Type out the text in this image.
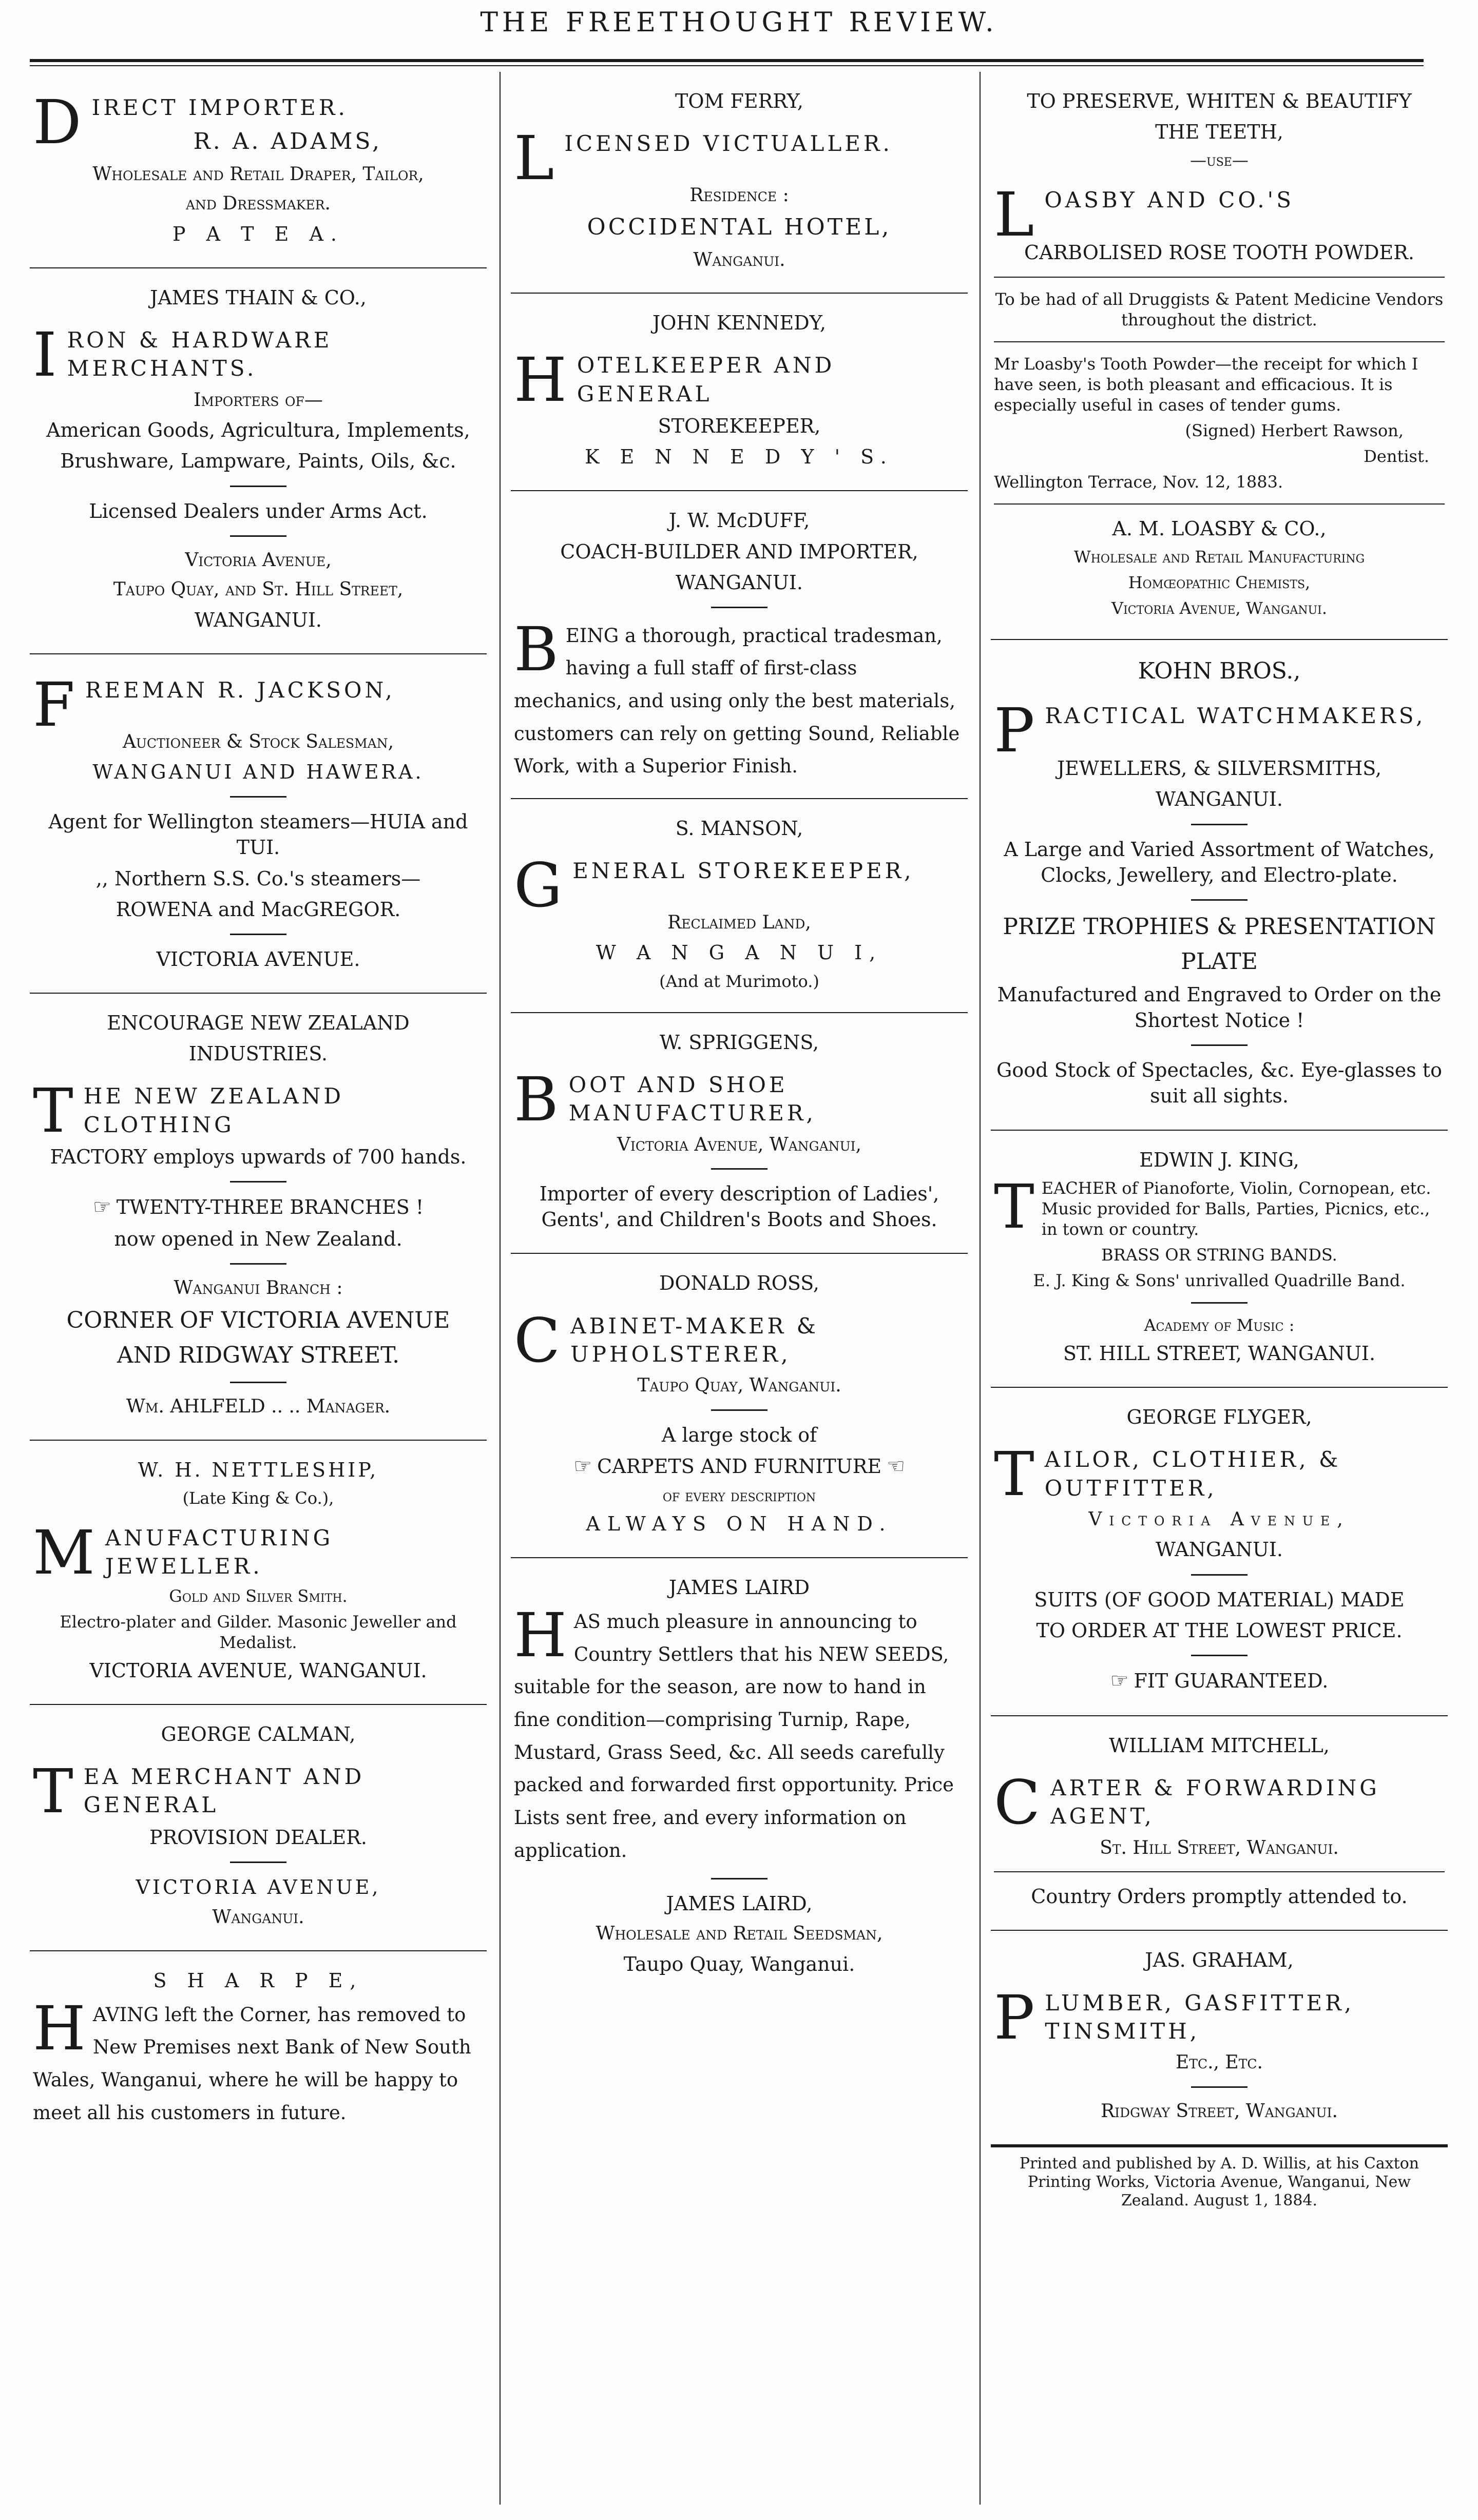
THE FREETHOUGHT REVIEW.
DIRECT IMPORTER.
R. A. ADAMS,
Wholesale and Retail Draper, Tailor,
and Dressmaker.
P A T E A.
JAMES THAIN & CO.,
IRON & HARDWARE MERCHANTS.
Importers of—
American Goods, Agricultura, Implements,
Brushware, Lampware, Paints, Oils, &c.
Licensed Dealers under Arms Act.
Victoria Avenue,
Taupo Quay, and St. Hill Street,
WANGANUI.
FREEMAN R. JACKSON,
Auctioneer & Stock Salesman,
WANGANUI AND HAWERA.
Agent for Wellington steamers—HUIA and TUI.
,, Northern S.S. Co.'s steamers—
ROWENA and MacGREGOR.
VICTORIA AVENUE.
ENCOURAGE NEW ZEALAND
INDUSTRIES.
THE NEW ZEALAND CLOTHING
FACTORY employs upwards of 700 hands.
☞ TWENTY-THREE BRANCHES !
now opened in New Zealand.
Wanganui Branch :
CORNER OF VICTORIA AVENUE
AND RIDGWAY STREET.
Wm. AHLFELD .. .. Manager.
W. H. NETTLESHIP,
(Late King & Co.),
MANUFACTURING JEWELLER.
Gold and Silver Smith.
Electro-plater and Gilder. Masonic Jeweller and Medalist.
VICTORIA AVENUE, WANGANUI.
GEORGE CALMAN,
TEA MERCHANT AND GENERAL
PROVISION DEALER.
VICTORIA AVENUE,
Wanganui.
S H A R P E,
HAVING left the Corner, has removed to New Premises next Bank of New South Wales, Wanganui, where he will be happy to meet all his customers in future.
TOM FERRY,
LICENSED VICTUALLER.
Residence :
OCCIDENTAL HOTEL,
Wanganui.
JOHN KENNEDY,
HOTELKEEPER AND GENERAL
STOREKEEPER,
K E N N E D Y ' S.
J. W. McDUFF,
COACH-BUILDER AND IMPORTER,
WANGANUI.
BEING a thorough, practical tradesman, having a full staff of first-class mechanics, and using only the best materials, customers can rely on getting Sound, Reliable Work, with a Superior Finish.
S. MANSON,
GENERAL STOREKEEPER,
Reclaimed Land,
W A N G A N U I,
(And at Murimoto.)
W. SPRIGGENS,
BOOT AND SHOE MANUFACTURER,
Victoria Avenue, Wanganui,
Importer of every description of Ladies', Gents', and Children's Boots and Shoes.
DONALD ROSS,
CABINET-MAKER & UPHOLSTERER,
Taupo Quay, Wanganui.
A large stock of
☞ CARPETS AND FURNITURE ☜
of every description
ALWAYS ON HAND.
JAMES LAIRD
HAS much pleasure in announcing to Country Settlers that his NEW SEEDS, suitable for the season, are now to hand in fine condition—comprising Turnip, Rape, Mustard, Grass Seed, &c. All seeds carefully packed and forwarded first opportunity. Price Lists sent free, and every information on application.
JAMES LAIRD,
Wholesale and Retail Seedsman,
Taupo Quay, Wanganui.
TO PRESERVE, WHITEN & BEAUTIFY
THE TEETH,
—use—
LOASBY AND CO.'S
CARBOLISED ROSE TOOTH POWDER.
To be had of all Druggists & Patent Medicine Vendors throughout the district.
Mr Loasby's Tooth Powder—the receipt for which I have seen, is both pleasant and efficacious. It is especially useful in cases of tender gums.
(Signed) Herbert Rawson,
Dentist.
Wellington Terrace, Nov. 12, 1883.
A. M. LOASBY & CO.,
Wholesale and Retail Manufacturing
Homœopathic Chemists,
Victoria Avenue, Wanganui.
KOHN BROS.,
PRACTICAL WATCHMAKERS,
JEWELLERS, & SILVERSMITHS,
WANGANUI.
A Large and Varied Assortment of Watches, Clocks, Jewellery, and Electro-plate.
PRIZE TROPHIES & PRESENTATION
PLATE
Manufactured and Engraved to Order on the Shortest Notice !
Good Stock of Spectacles, &c. Eye-glasses to suit all sights.
EDWIN J. KING,
TEACHER of Pianoforte, Violin, Cornopean, etc. Music provided for Balls, Parties, Picnics, etc., in town or country.
BRASS OR STRING BANDS.
E. J. King & Sons' unrivalled Quadrille Band.
Academy of Music :
ST. HILL STREET, WANGANUI.
GEORGE FLYGER,
TAILOR, CLOTHIER, & OUTFITTER,
Victoria Avenue,
WANGANUI.
SUITS (OF GOOD MATERIAL) MADE
TO ORDER AT THE LOWEST PRICE.
☞ FIT GUARANTEED.
WILLIAM MITCHELL,
CARTER & FORWARDING AGENT,
St. Hill Street, Wanganui.
Country Orders promptly attended to.
JAS. GRAHAM,
PLUMBER, GASFITTER, TINSMITH,
Etc., Etc.
Ridgway Street, Wanganui.
Printed and published by A. D. Willis, at his Caxton Printing Works, Victoria Avenue, Wanganui, New Zealand. August 1, 1884.
